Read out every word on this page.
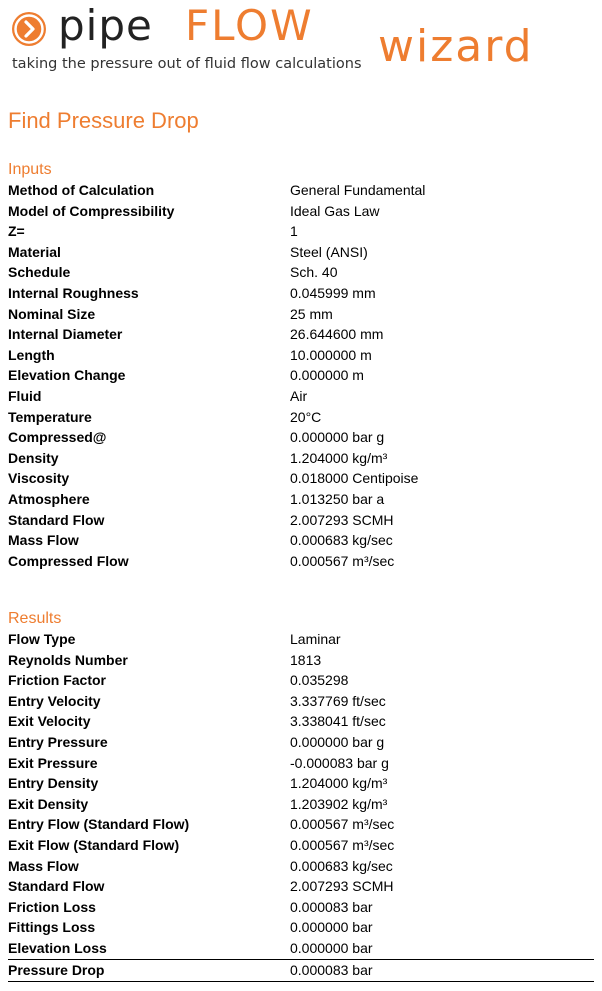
pipe FLOW wizard
taking the pressure out of fluid flow calculations
Find Pressure Drop
Inputs
Method of Calculation	General Fundamental
Model of Compressibility	Ideal Gas Law
Z=	1
Material	Steel (ANSI)
Schedule	Sch. 40
Internal Roughness	0.045999 mm
Nominal Size	25 mm
Internal Diameter	26.644600 mm
Length	10.000000 m
Elevation Change	0.000000 m
Fluid	Air
Temperature	20°C
Compressed@	0.000000 bar g
Density	1.204000 kg/m³
Viscosity	0.018000 Centipoise
Atmosphere	1.013250 bar a
Standard Flow	2.007293 SCMH
Mass Flow	0.000683 kg/sec
Compressed Flow	0.000567 m³/sec
Results
Flow Type	Laminar
Reynolds Number	1813
Friction Factor	0.035298
Entry Velocity	3.337769 ft/sec
Exit Velocity	3.338041 ft/sec
Entry Pressure	0.000000 bar g
Exit Pressure	-0.000083 bar g
Entry Density	1.204000 kg/m³
Exit Density	1.203902 kg/m³
Entry Flow (Standard Flow)	0.000567 m³/sec
Exit Flow (Standard Flow)	0.000567 m³/sec
Mass Flow	0.000683 kg/sec
Standard Flow	2.007293 SCMH
Friction Loss	0.000083 bar
Fittings Loss	0.000000 bar
Elevation Loss	0.000000 bar
Pressure Drop	0.000083 bar
